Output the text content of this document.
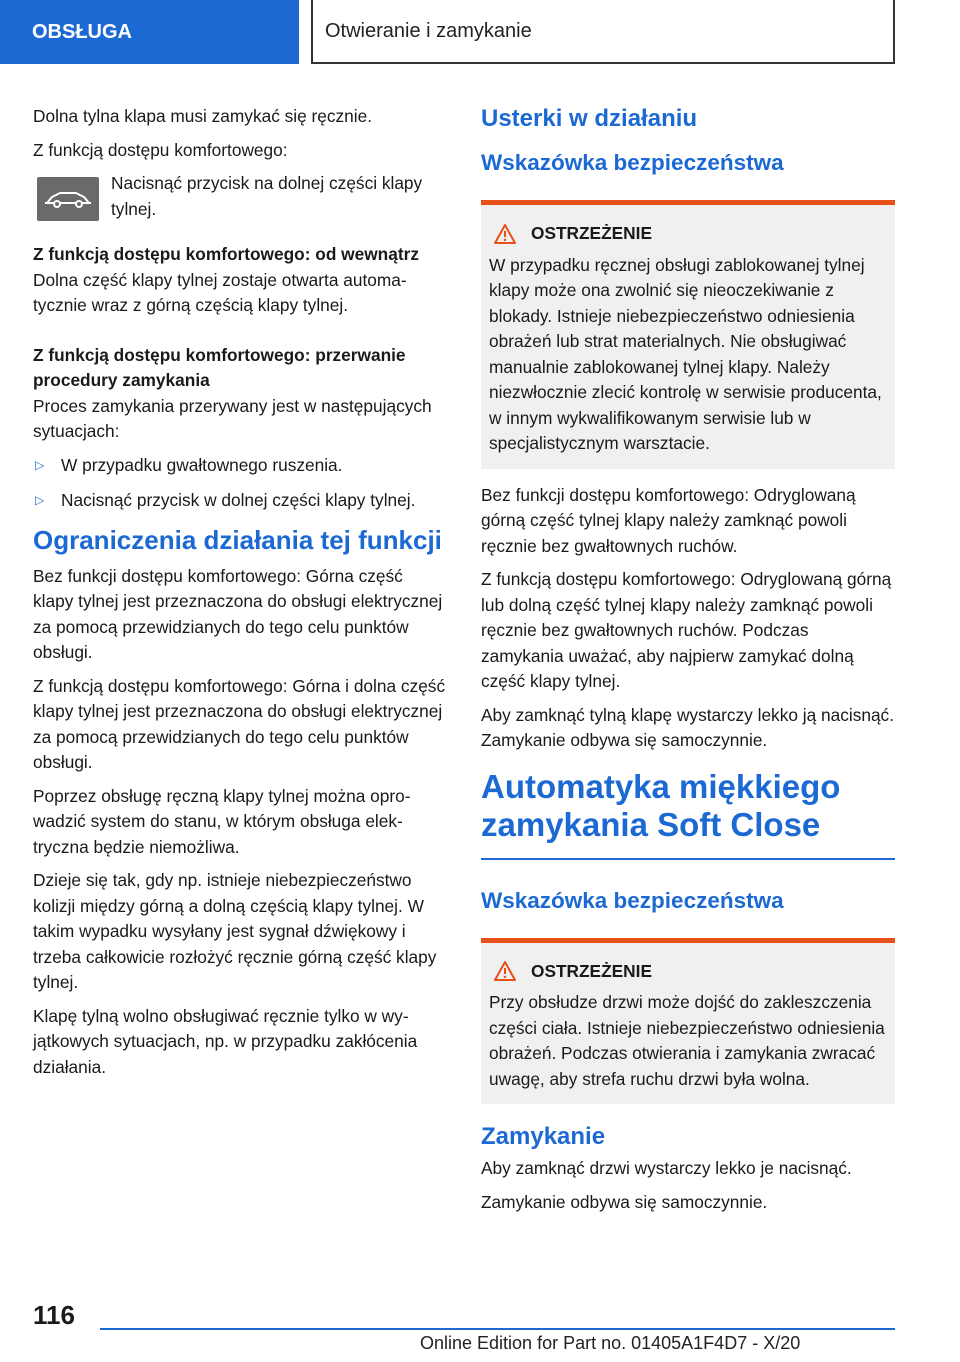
OBSŁUGA	Otwieranie i zamykanie

Dolna tylna klapa musi zamykać się ręcznie.

Z funkcją dostępu komfortowego:

Nacisnąć przycisk na dolnej części klapy tylnej.

Z funkcją dostępu komfortowego: od wewnątrz

Dolna część klapy tylnej zostaje otwarta automatycznie wraz z górną częścią klapy tylnej.

Z funkcją dostępu komfortowego: przerwanie procedury zamykania

Proces zamykania przerywany jest w następujących sytuacjach:

▷ W przypadku gwałtownego ruszenia.
▷ Nacisnąć przycisk w dolnej części klapy tylnej.
Ograniczenia działania tej funkcji

Bez funkcji dostępu komfortowego: Górna część klapy tylnej jest przeznaczona do obsługi elektrycznej za pomocą przewidzianych do tego celu punktów obsługi.

Z funkcją dostępu komfortowego: Górna i dolna część klapy tylnej jest przeznaczona do obsługi elektrycznej za pomocą przewidzianych do tego celu punktów obsługi.

Poprzez obsługę ręczną klapy tylnej można oprowadzić system do stanu, w którym obsługa elektryczna będzie niemożliwa.

Dzieje się tak, gdy np. istnieje niebezpieczeństwo kolizji między górną a dolną częścią klapy tylnej. W takim wypadku wysyłany jest sygnał dźwiękowy i trzeba całkowicie rozłożyć ręcznie górną część klapy tylnej.

Klapę tylną wolno obsługiwać ręcznie tylko w wyjątkowych sytuacjach, np. w przypadku zakłócenia działania.

Usterki w działaniu
Wskazówka bezpieczeństwa
OSTRZEŻENIE

W przypadku ręcznej obsługi zablokowanej tylnej klapy może ona zwolnić się nieoczekiwanie z blokady. Istnieje niebezpieczeństwo odniesienia obrażeń lub strat materialnych. Nie obsługiwać manualnie zablokowanej tylnej klapy. Należy niezwłocznie zlecić kontrolę w serwisie producenta, w innym wykwalifikowanym serwisie lub w specjalistycznym warsztacie.

Bez funkcji dostępu komfortowego: Odryglowaną górną część tylnej klapy należy zamknąć powoli ręcznie bez gwałtownych ruchów.

Z funkcją dostępu komfortowego: Odryglowaną górną lub dolną część tylnej klapy należy zamknąć powoli ręcznie bez gwałtownych ruchów. Podczas zamykania uważać, aby najpierw zamykać dolną część klapy tylnej.

Aby zamknąć tylną klapę wystarczy lekko ją nacisnąć. Zamykanie odbywa się samoczynnie.

Automatyka miękkiego zamykania Soft Close
Wskazówka bezpieczeństwa
OSTRZEŻENIE

Przy obsłudze drzwi może dojść do zakleszczenia części ciała. Istnieje niebezpieczeństwo odniesienia obrażeń. Podczas otwierania i zamykania zwracać uwagę, aby strefa ruchu drzwi była wolna.

Zamykanie

Aby zamknąć drzwi wystarczy lekko je nacisnąć.

Zamykanie odbywa się samoczynnie.

116
Online Edition for Part no. 01405A1F4D7 - X/20
